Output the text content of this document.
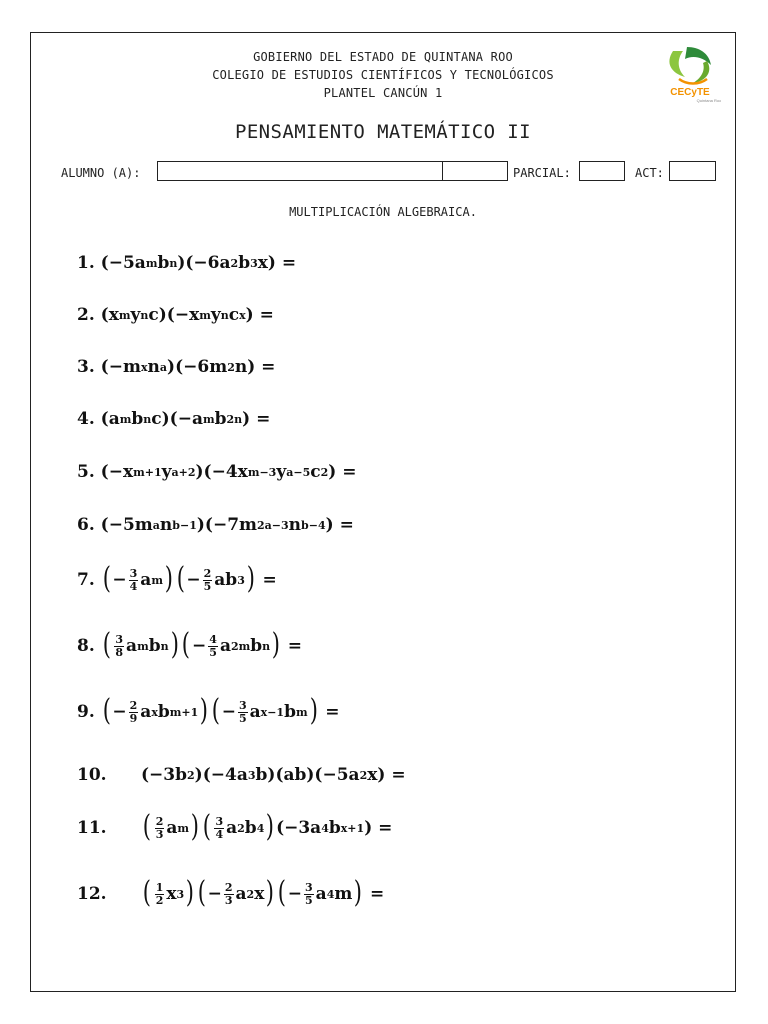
GOBIERNO DEL ESTADO DE QUINTANA ROO
COLEGIO DE ESTUDIOS CIENTÍFICOS Y TECNOLÓGICOS
PLANTEL CANCÚN 1	CECyTE
Quintana Roo
PENSAMIENTO MATEMÁTICO II
ALUMNO (A):	PARCIAL:	ACT:
MULTIPLICACIÓN ALGEBRAICA.
1.
(−5a m b n )(−6a 2 b 3 x) =
2.
(x m y n c)(−x m y n c x ) =
3.
(−m x n a )(−6m 2 n) =
4.
(a m b n c)(−a m b 2n ) =
5.
(−x m+1 y a+2 )(−4x m−3 y a−5 c 2 ) =
6.
(−5m a n b−1 )(−7m 2a−3 n b−4 ) =
7.
( − $\frac{3}{4}$ a m ) ( − $\frac{2}{5}$ ab 3 ) =
8.
( $\frac{3}{8}$ a m b n ) ( − $\frac{4}{5}$ a 2m b n ) =
9.
( − $\frac{2}{9}$ a x b m+1 ) ( − $\frac{3}{5}$ a x−1 b m ) =
10.	(−3b 2 )(−4a 3 b)(ab)(−5a 2 x) =
11.	( $\frac{2}{3}$ a m ) ( $\frac{3}{4}$ a 2 b 4 ) (−3a 4 b x+1 ) =
12.	( $\frac{1}{2}$ x 3 ) ( − $\frac{2}{3}$ a 2 x ) ( − $\frac{3}{5}$ a 4 m ) =
